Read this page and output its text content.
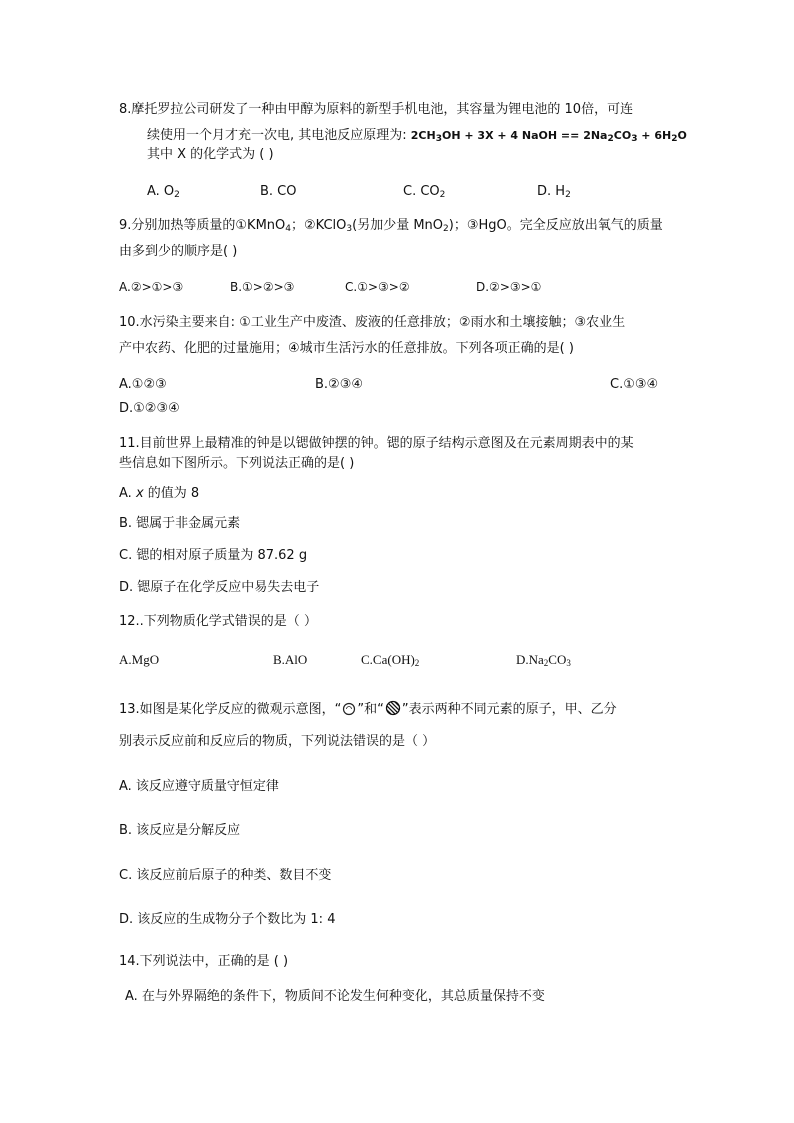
8.摩托罗拉公司研发了一种由甲醇为原料的新型手机电池，其容量为锂电池的 10倍，可连
续使用一个月才充一次电, 其电池反应原理为: $2CH_3OH + 3X + 4$ NaOH == $2Na_2CO_3 + 6H_2O$
其中 X 的化学式为 ( )
A. $O_2$	B. CO	C. $CO_2$	D. $H_2$
9.分别加热等质量的①KMnO$_4$；②KClO$_3$(另加少量 MnO$_2$)；③HgO。完全反应放出氧气的质量
由多到少的顺序是( )
A.②>①>③	B.①>②>③	C.①>③>②	D.②>③>①
10.水污染主要来自: ①工业生产中废渣、废液的任意排放；②雨水和土壤接触；③农业生
产中农药、化肥的过量施用；④城市生活污水的任意排放。下列各项正确的是( )
A.①②③	B.②③④	C.①③④
D.①②③④
11.目前世界上最精准的钟是以锶做钟摆的钟。锶的原子结构示意图及在元素周期表中的某
些信息如下图所示。下列说法正确的是( )
A. x 的值为 8
B. 锶属于非金属元素
C. 锶的相对原子质量为 87.62 g
D. 锶原子在化学反应中易失去电子
12..下列物质化学式错误的是（ ）
A.MgO	B.AlO	$C.Ca(OH)_2$	$D.Na_2CO_3$
13.如图是某化学反应的微观示意图，“ ”和“ ”表示两种不同元素的原子，甲、乙分
别表示反应前和反应后的物质，下列说法错误的是（ ）
A. 该反应遵守质量守恒定律
B. 该反应是分解反应
C. 该反应前后原子的种类、数目不变
D. 该反应的生成物分子个数比为 1: 4
14.下列说法中，正确的是 ( )
A. 在与外界隔绝的条件下，物质间不论发生何种变化，其总质量保持不变
